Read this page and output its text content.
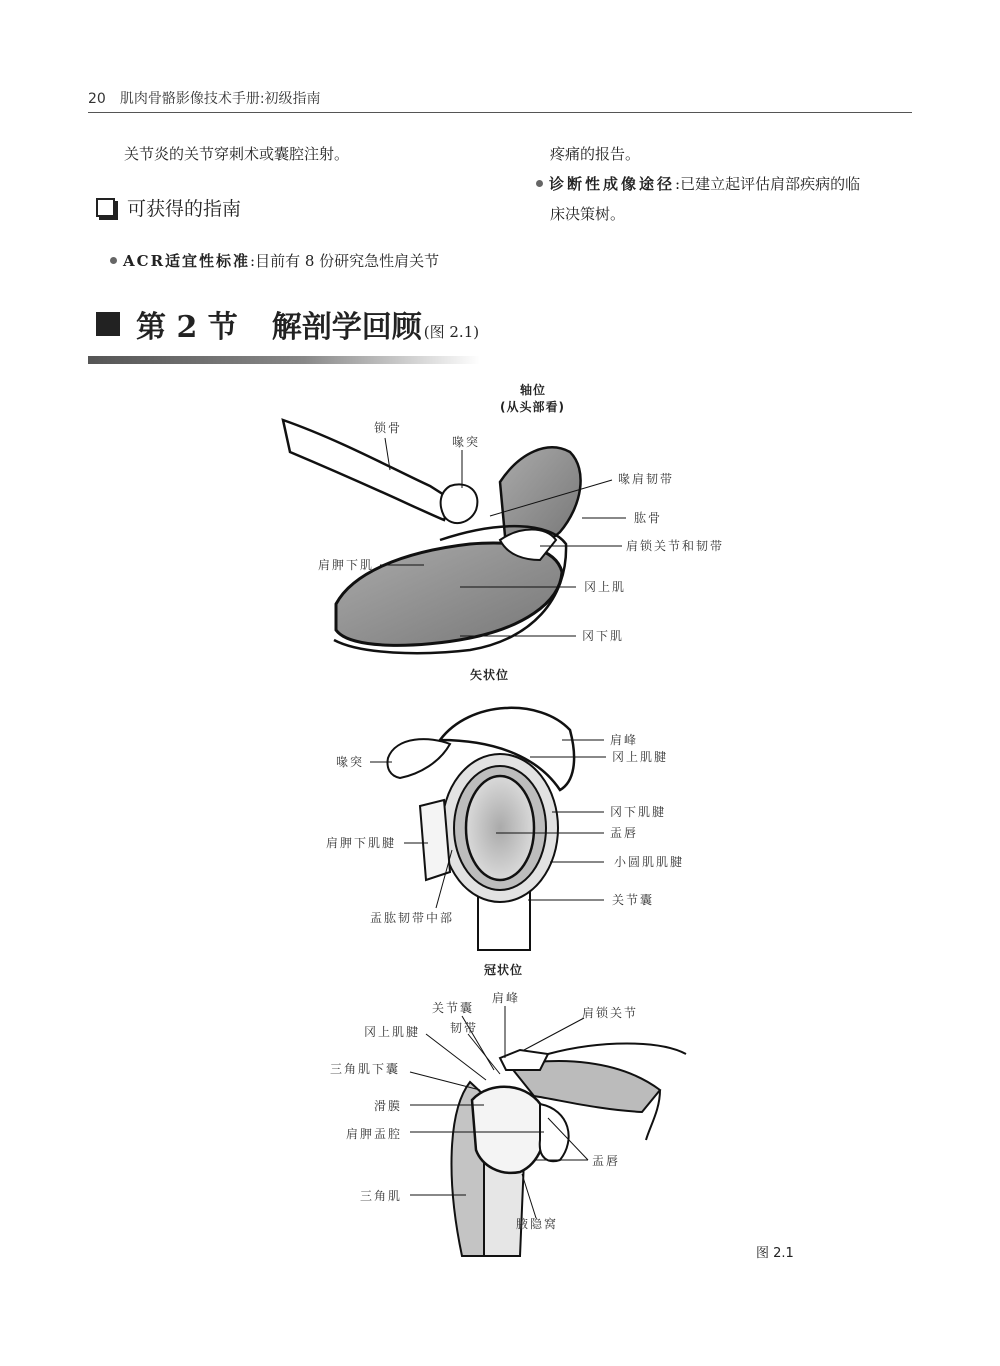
20 肌肉骨骼影像技术手册:初级指南
关节炎的关节穿刺术或囊腔注射。
可获得的指南
ACR适宜性标准:目前有 8 份研究急性肩关节
疼痛的报告。
诊断性成像途径:已建立起评估肩部疾病的临
床决策树。
第 2 节 解剖学回顾 (图 2.1)
轴位
(从头部看)
锁骨
喙突
喙肩韧带
肱骨
肩锁关节和韧带
肩胛下肌
冈上肌
冈下肌
矢状位
肩峰
冈上肌腱
喙突
冈下肌腱
盂唇
肩胛下肌腱
小圆肌肌腱
关节囊
盂肱韧带中部
冠状位
肩峰
关节囊	肩锁关节
冈上肌腱 韧带
三角肌下囊
滑膜
肩胛盂腔
盂唇
三角肌
腋隐窝
图 2.1
